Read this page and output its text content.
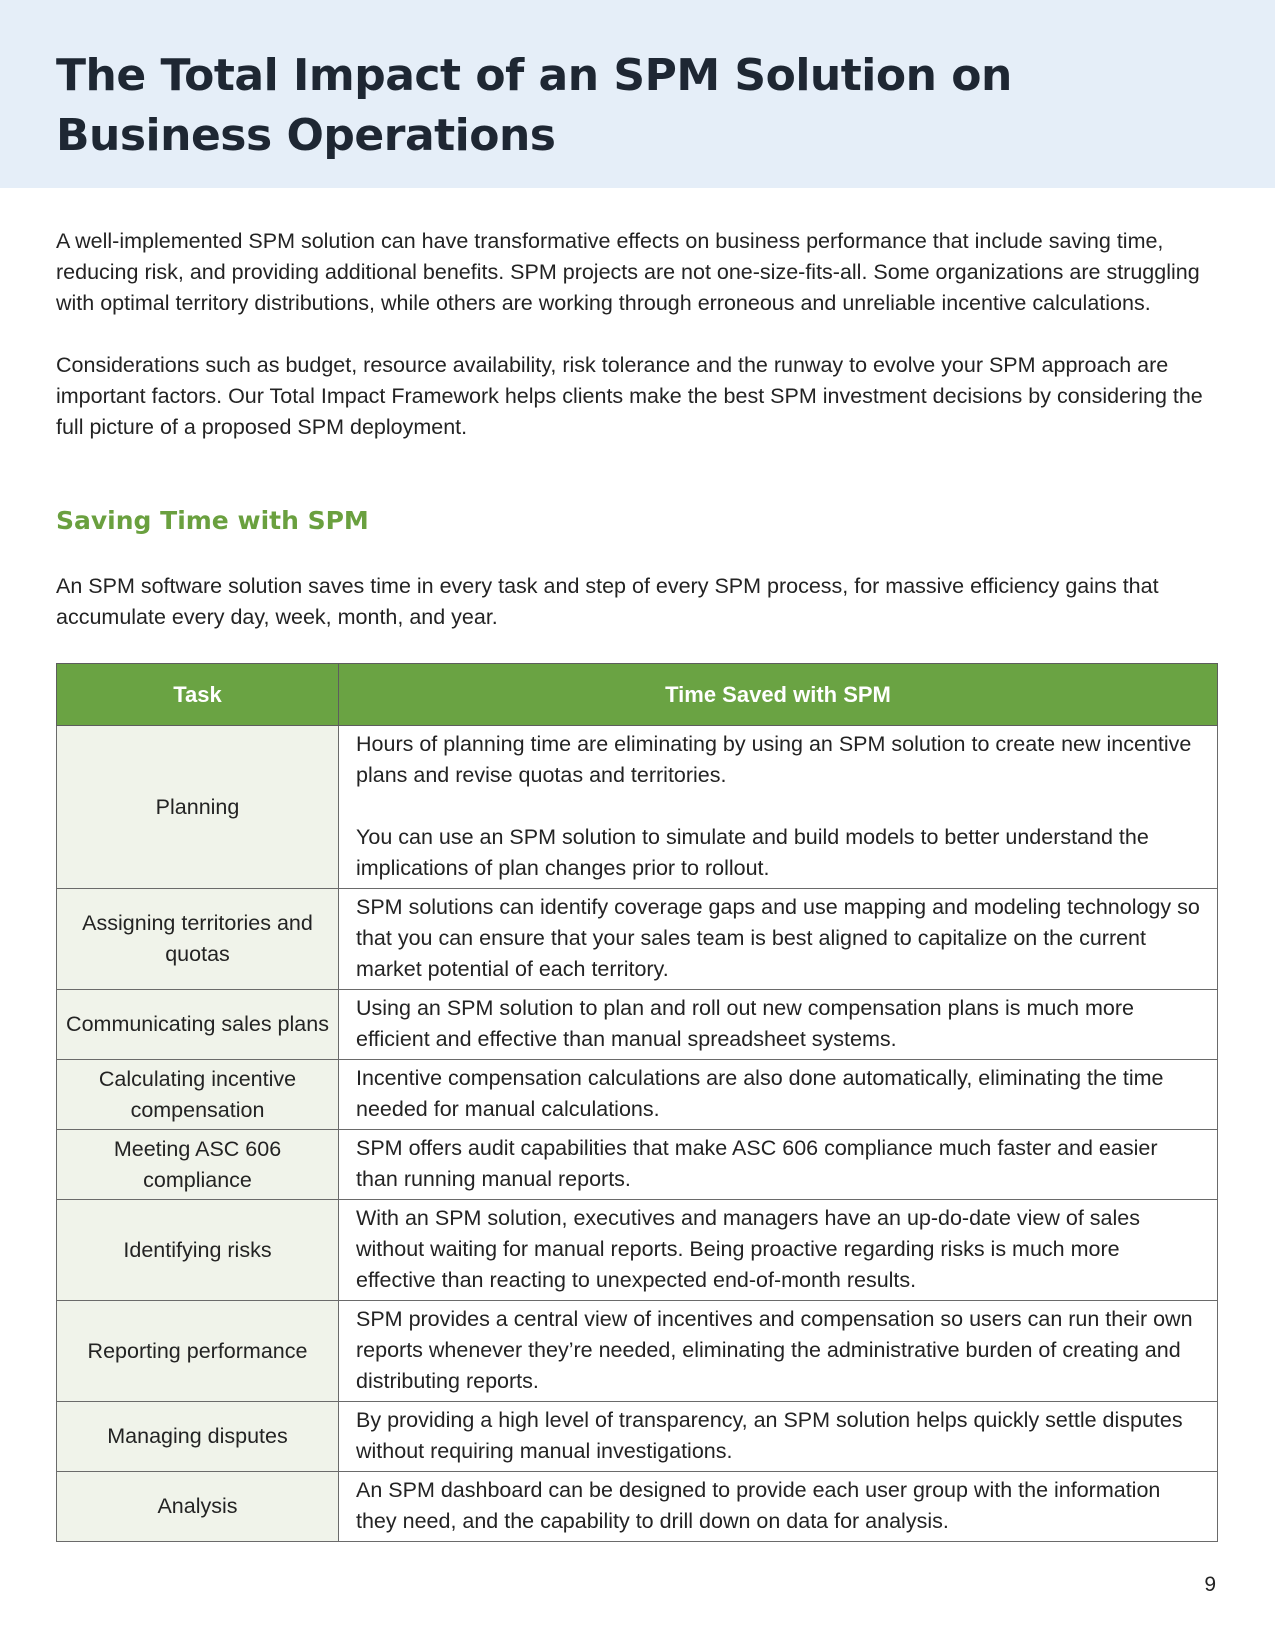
The Total Impact of an SPM Solution on Business Operations

A well-implemented SPM solution can have transformative effects on business performance that include saving time, reducing risk, and providing additional benefits. SPM projects are not one-size-fits-all. Some organizations are struggling with optimal territory distributions, while others are working through erroneous and unreliable incentive calculations.

Considerations such as budget, resource availability, risk tolerance and the runway to evolve your SPM approach are important factors. Our Total Impact Framework helps clients make the best SPM investment decisions by considering the full picture of a proposed SPM deployment.

Saving Time with SPM

An SPM software solution saves time in every task and step of every SPM process, for massive efficiency gains that accumulate every day, week, month, and year.

Task	Time Saved with SPM
Planning	Hours of planning time are eliminating by using an SPM solution to create new incentive plans and revise quotas and territories.

You can use an SPM solution to simulate and build models to better understand the implications of plan changes prior to rollout.

Assigning territories and quotas	SPM solutions can identify coverage gaps and use mapping and modeling technology so that you can ensure that your sales team is best aligned to capitalize on the current market potential of each territory.

Communicating sales plans	Using an SPM solution to plan and roll out new compensation plans is much more efficient and effective than manual spreadsheet systems.

Calculating incentive compensation	Incentive compensation calculations are also done automatically, eliminating the time needed for manual calculations.

Meeting ASC 606 compliance	SPM offers audit capabilities that make ASC 606 compliance much faster and easier than running manual reports.

Identifying risks	With an SPM solution, executives and managers have an up-do-date view of sales without waiting for manual reports. Being proactive regarding risks is much more effective than reacting to unexpected end-of-month results.

Reporting performance	SPM provides a central view of incentives and compensation so users can run their own reports whenever they’re needed, eliminating the administrative burden of creating and distributing reports.

Managing disputes	By providing a high level of transparency, an SPM solution helps quickly settle disputes without requiring manual investigations.

Analysis	An SPM dashboard can be designed to provide each user group with the information they need, and the capability to drill down on data for analysis.

9
